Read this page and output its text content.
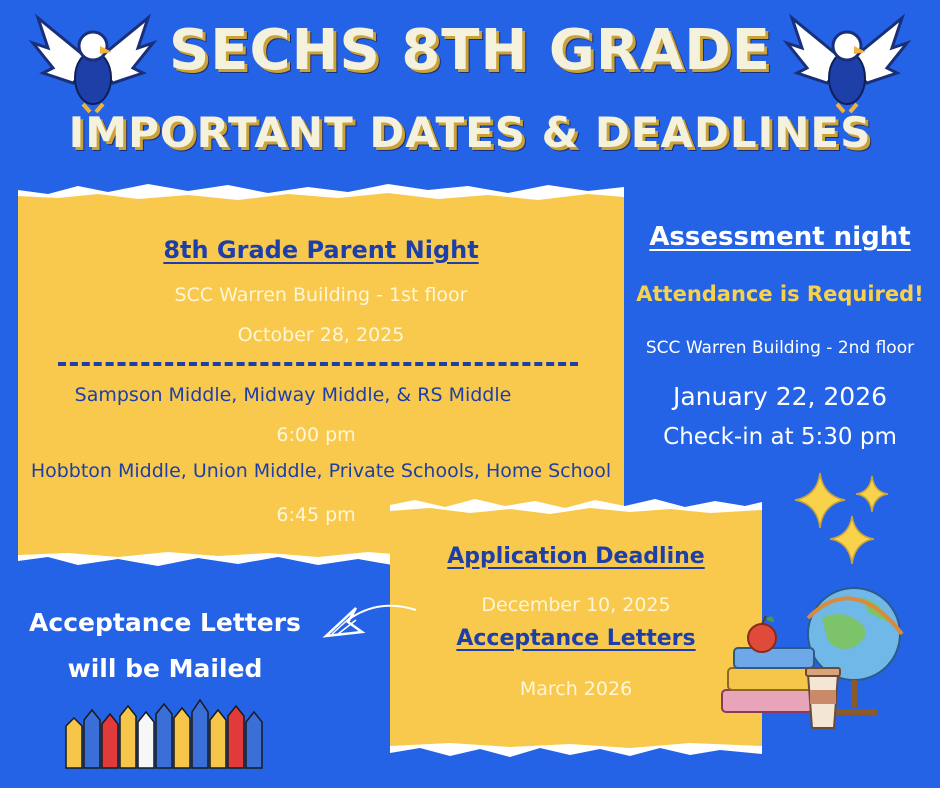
SECHS 8TH GRADE
IMPORTANT DATES & DEADLINES
8th Grade Parent Night
SCC Warren Building - 1st floor
October 28, 2025
Sampson Middle, Midway Middle, & RS Middle
6:00 pm
Hobbton Middle, Union Middle, Private Schools, Home School
6:45 pm
Application Deadline
December 10, 2025
Acceptance Letters
March 2026
Assessment night
Attendance is Required!
SCC Warren Building - 2nd floor
January 22, 2026
Check-in at 5:30 pm
Acceptance Letters will be Mailed
